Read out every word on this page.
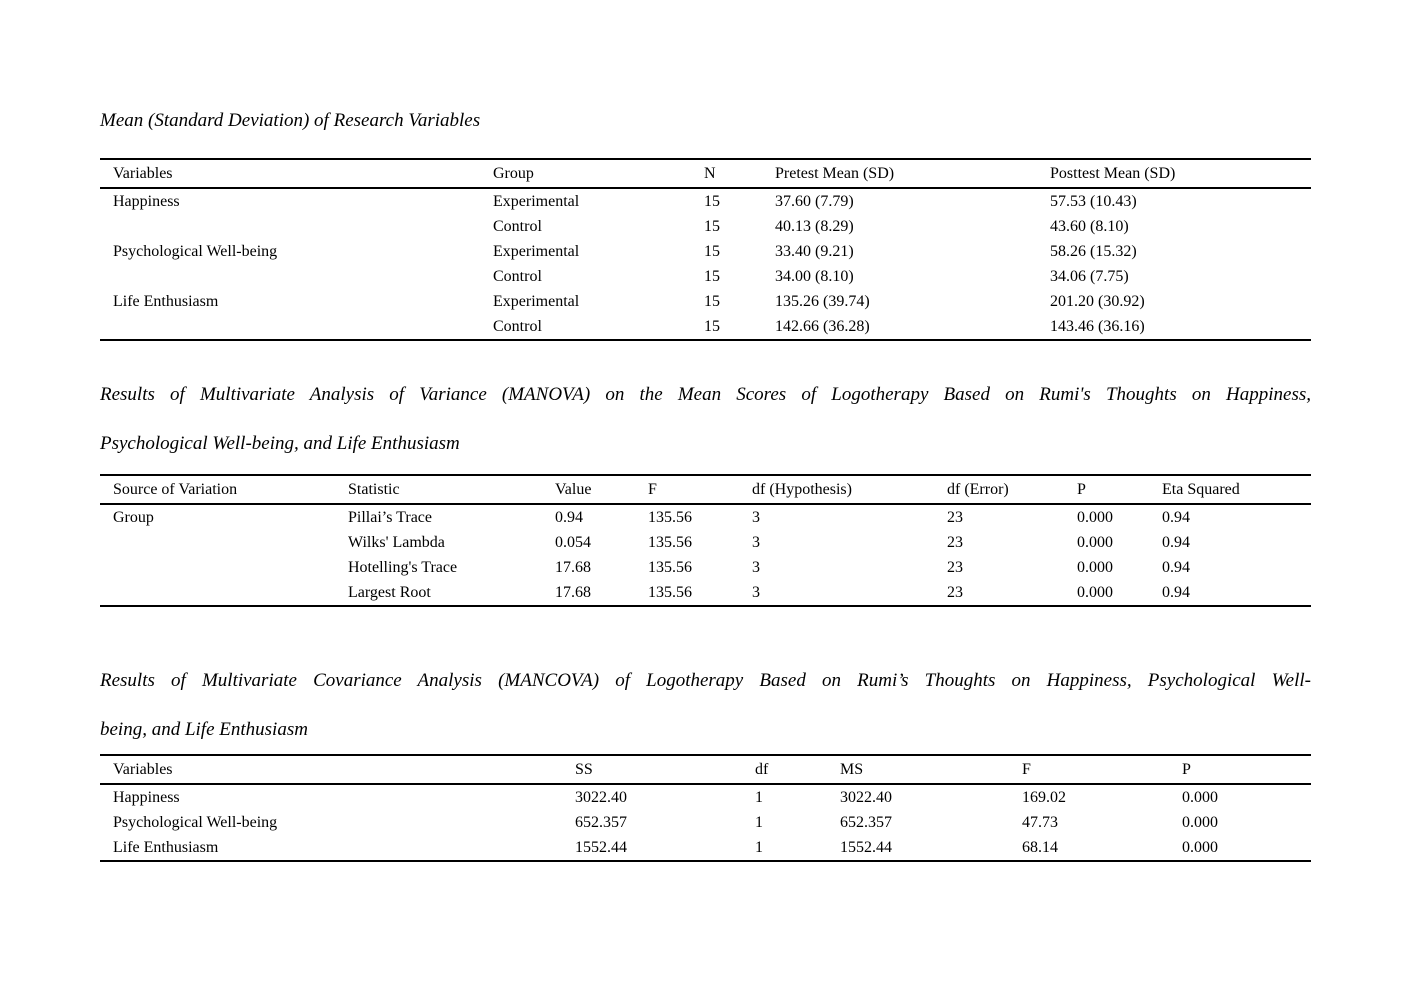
Mean (Standard Deviation) of Research Variables
Variables	Group	N	Pretest Mean (SD)	Posttest Mean (SD)
Happiness	Experimental	15	37.60 (7.79)	57.53 (10.43)
	Control	15	40.13 (8.29)	43.60 (8.10)
Psychological Well-being	Experimental	15	33.40 (9.21)	58.26 (15.32)
	Control	15	34.00 (8.10)	34.06 (7.75)
Life Enthusiasm	Experimental	15	135.26 (39.74)	201.20 (30.92)
	Control	15	142.66 (36.28)	143.46 (36.16)
Results of Multivariate Analysis of Variance (MANOVA) on the Mean Scores of Logotherapy Based on Rumi's Thoughts on Happiness,
Psychological Well-being, and Life Enthusiasm
Source of Variation	Statistic	Value	F	df (Hypothesis)	df (Error)	P	Eta Squared
Group	Pillai’s Trace	0.94	135.56	3	23	0.000	0.94
	Wilks' Lambda	0.054	135.56	3	23	0.000	0.94
	Hotelling's Trace	17.68	135.56	3	23	0.000	0.94
	Largest Root	17.68	135.56	3	23	0.000	0.94
Results of Multivariate Covariance Analysis (MANCOVA) of Logotherapy Based on Rumi’s Thoughts on Happiness, Psychological Well-
being, and Life Enthusiasm
Variables	SS	df	MS	F	P
Happiness	3022.40	1	3022.40	169.02	0.000
Psychological Well-being	652.357	1	652.357	47.73	0.000
Life Enthusiasm	1552.44	1	1552.44	68.14	0.000
